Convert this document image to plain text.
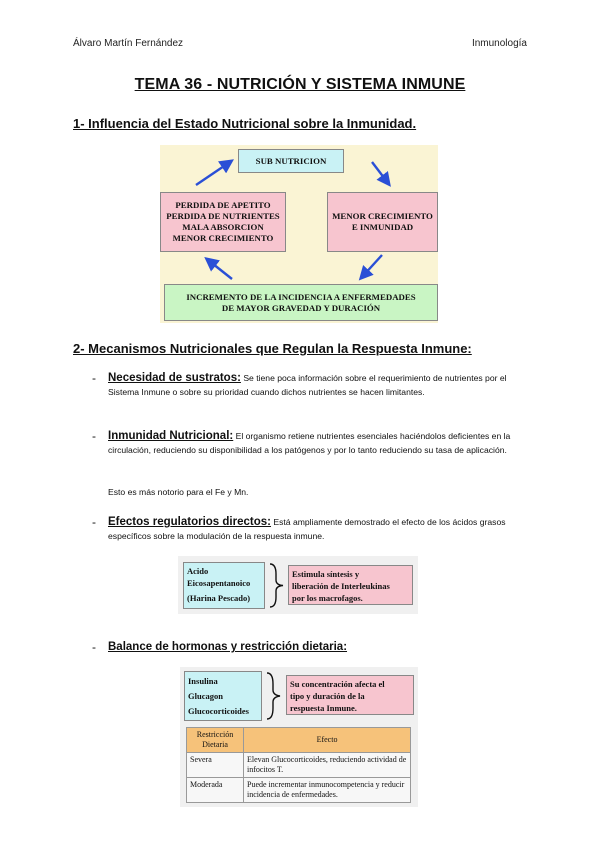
Álvaro Martín Fernández	Inmunología
TEMA 36 - NUTRICIÓN Y SISTEMA INMUNE
1- Influencia del Estado Nutricional sobre la Inmunidad.
SUB NUTRICION
PERDIDA DE APETITO
PERDIDA DE NUTRIENTES
MALA ABSORCION
MENOR CRECIMIENTO
MENOR CRECIMIENTO
E INMUNIDAD
INCREMENTO DE LA INCIDENCIA A ENFERMEDADES
DE MAYOR GRAVEDAD Y DURACIÓN
2- Mecanismos Nutricionales que Regulan la Respuesta Inmune:
- Necesidad de sustratos: Se tiene poca información sobre el requerimiento de nutrientes por el Sistema Inmune o sobre su prioridad cuando dichos nutrientes se hacen limitantes.
- Inmunidad Nutricional: El organismo retiene nutrientes esenciales haciéndolos deficientes en la circulación, reduciendo su disponibilidad a los patógenos y por lo tanto reduciendo su tasa de aplicación.
Esto es más notorio para el Fe y Mn.
- Efectos regulatorios directos: Está ampliamente demostrado el efecto de los ácidos grasos específicos sobre la modulación de la respuesta inmune.
Acido
Eicosapentanoico
(Harina Pescado)
Estimula síntesis y
liberación de Interleukinas
por los macrofagos.
- Balance de hormonas y restricción dietaria:
Insulina
Glucagon
Glucocorticoides
Su concentración afecta el
tipo y duración de la
respuesta Inmune.
Restricción Dietaria	Efecto
Severa	Elevan Glucocorticoides, reduciendo actividad de infocitos T.
Moderada	Puede incrementar inmunocompetencia y reducir incidencia de enfermedades.
